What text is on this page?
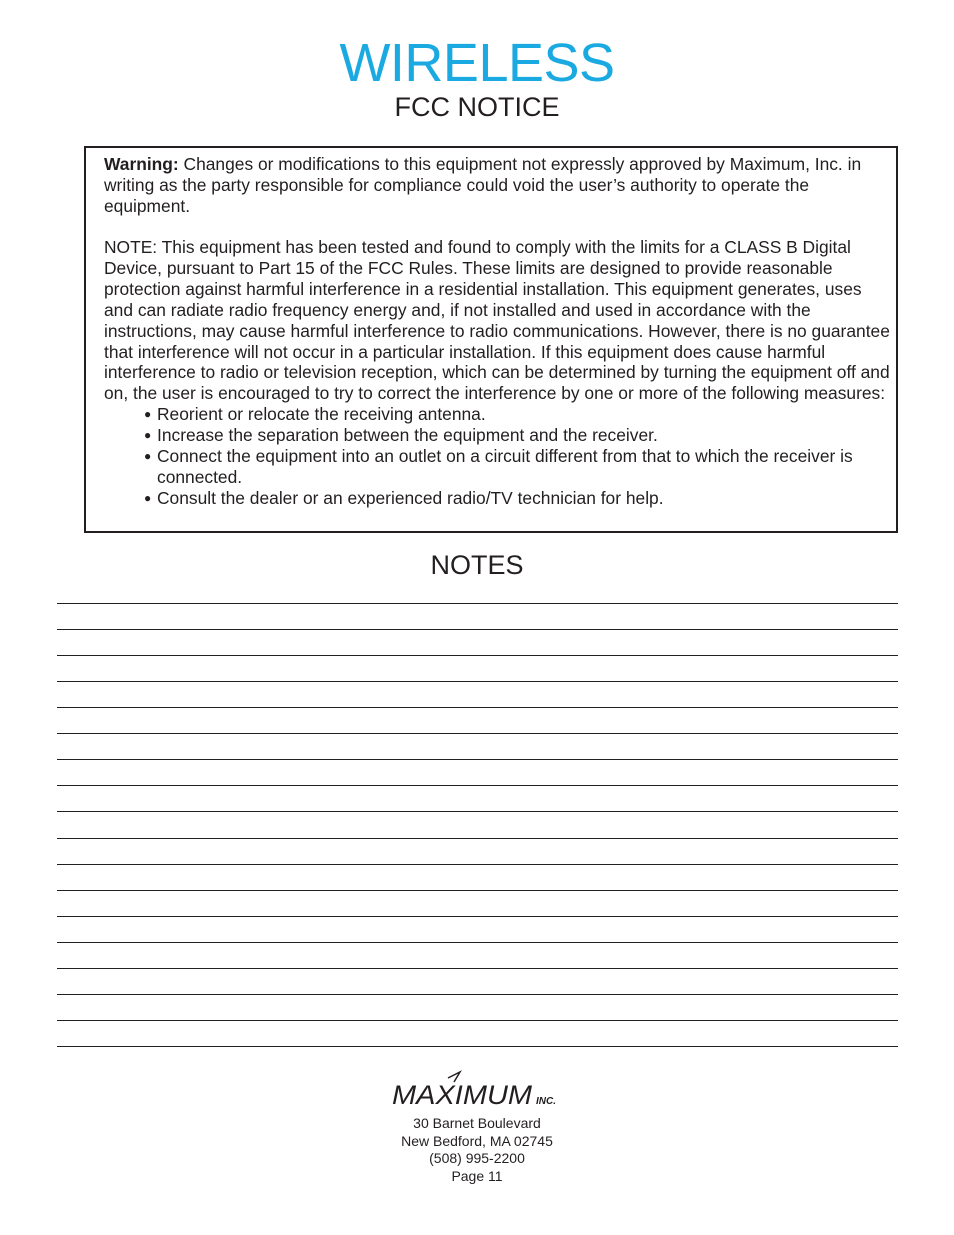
WIRELESS
FCC NOTICE

Warning: Changes or modifications to this equipment not expressly approved by Maximum, Inc. in writing as the party responsible for compliance could void the user’s authority to operate the equipment.

NOTE: This equipment has been tested and found to comply with the limits for a CLASS B Digital Device, pursuant to Part 15 of the FCC Rules. These limits are designed to provide reasonable protection against harmful interference in a residential installation. This equipment generates, uses and can radiate radio frequency energy and, if not installed and used in accordance with the instructions, may cause harmful interference to radio communications. However, there is no guarantee that interference will not occur in a particular installation. If this equipment does cause harmful interference to radio or television reception, which can be determined by turning the equipment off and on, the user is encouraged to try to correct the interference by one or more of the following measures:

● Reorient or relocate the receiving antenna.
● Increase the separation between the equipment and the receiver.
● Connect the equipment into an outlet on a circuit different from that to which the receiver is connected.
● Consult the dealer or an experienced radio/TV technician for help.
NOTES
MAXIMUM INC.
30 Barnet Boulevard
New Bedford, MA 02745
(508) 995-2200
Page 11
